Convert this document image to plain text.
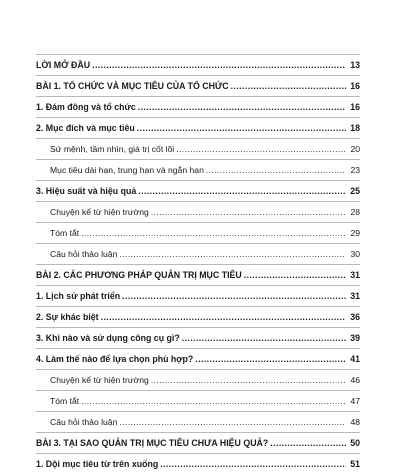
LỜI MỞ ĐẦU .....	13
BÀI 1. TỔ CHỨC VÀ MỤC TIÊU CỦA TỔ CHỨC .....	16
1. Đám đông và tổ chức .....	16
2. Mục đích và mục tiêu .....	18
Sứ mệnh, tầm nhìn, giá trị cốt lõi .....	20
Mục tiêu dài hạn, trung hạn và ngắn hạn .....	23
3. Hiệu suất và hiệu quả .....	25
Chuyện kể từ hiện trường .....	28
Tóm tắt .....	29
Câu hỏi thảo luận .....	30
BÀI 2. CÁC PHƯƠNG PHÁP QUẢN TRỊ MỤC TIÊU .....	31
1. Lịch sử phát triển .....	31
2. Sự khác biệt .....	36
3. Khi nào và sử dụng công cụ gì? .....	39
4. Làm thế nào để lựa chọn phù hợp? .....	41
Chuyện kể từ hiện trường .....	46
Tóm tắt .....	47
Câu hỏi thảo luận .....	48
BÀI 3. TẠI SAO QUẢN TRỊ MỤC TIÊU CHƯA HIỆU QUẢ? .....	50
1. Dội mục tiêu từ trên xuống .....	51
